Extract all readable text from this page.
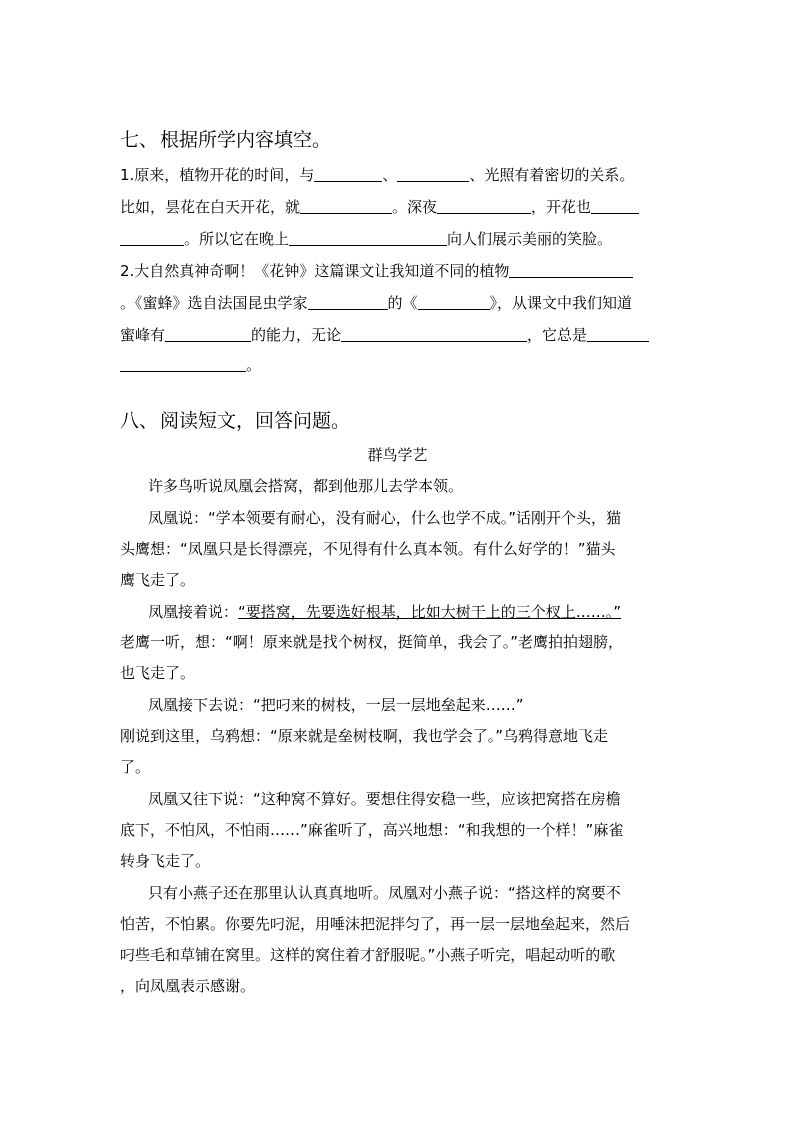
七、 根据所学内容填空。
1.原来，植物开花的时间，与	、	、光照有着密切的关系。
比如，昙花在白天开花，就	。深夜	，开花也
。所以它在晚上	向人们展示美丽的笑脸。
2.大自然真神奇啊！《花钟》这篇课文让我知道不同的植物
。《蜜蜂》选自法国昆虫学家	的《	》，从课文中我们知道
蜜峰有	的能力，无论	，它总是
。
八、 阅读短文，回答问题。
群鸟学艺
许多鸟听说凤凰会搭窝，都到他那儿去学本领。
凤凰说：“学本领要有耐心，没有耐心，什么也学不成。”话刚开个头，猫
头鹰想：“凤凰只是长得漂亮，不见得有什么真本领。有什么好学的！”猫头
鹰飞走了。
凤凰接着说：“要搭窝，先要选好根基，比如大树干上的三个杈上……。”
老鹰一听，想：“啊！原来就是找个树杈，挺简单，我会了。”老鹰拍拍翅膀，
也飞走了。
凤凰接下去说：“把叼来的树枝，一层一层地垒起来……”
刚说到这里，乌鸦想：“原来就是垒树枝啊，我也学会了。”乌鸦得意地飞走
了。
凤凰又往下说：“这种窝不算好。要想住得安稳一些，应该把窝搭在房檐
底下，不怕风，不怕雨……”麻雀听了，高兴地想：“和我想的一个样！”麻雀
转身飞走了。
只有小燕子还在那里认认真真地听。凤凰对小燕子说：“搭这样的窝要不
怕苦，不怕累。你要先叼泥，用唾沫把泥拌匀了，再一层一层地垒起来，然后
叼些毛和草铺在窝里。这样的窝住着才舒服呢。”小燕子听完，唱起动听的歌
，向凤凰表示感谢。
